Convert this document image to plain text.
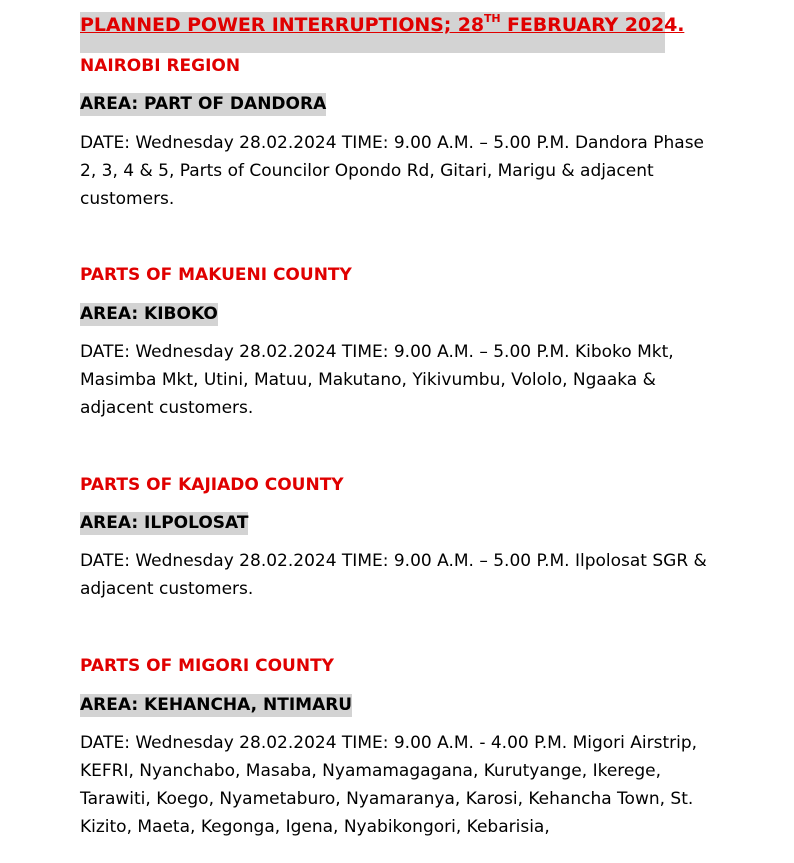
PLANNED POWER INTERRUPTIONS; 28TH FEBRUARY 2024.
NAIROBI REGION
AREA: PART OF DANDORA
DATE: Wednesday 28.02.2024 TIME: 9.00 A.M. – 5.00 P.M. Dandora Phase 2, 3, 4 & 5, Parts of Councilor Opondo Rd, Gitari, Marigu & adjacent customers.
PARTS OF MAKUENI COUNTY
AREA: KIBOKO
DATE: Wednesday 28.02.2024 TIME: 9.00 A.M. – 5.00 P.M. Kiboko Mkt, Masimba Mkt, Utini, Matuu, Makutano, Yikivumbu, Vololo, Ngaaka & adjacent customers.
PARTS OF KAJIADO COUNTY
AREA: ILPOLOSAT
DATE: Wednesday 28.02.2024 TIME: 9.00 A.M. – 5.00 P.M. Ilpolosat SGR & adjacent customers.
PARTS OF MIGORI COUNTY
AREA: KEHANCHA, NTIMARU
DATE: Wednesday 28.02.2024 TIME: 9.00 A.M. - 4.00 P.M. Migori Airstrip, KEFRI, Nyanchabo, Masaba, Nyamamagagana, Kurutyange, Ikerege, Tarawiti, Koego, Nyametaburo, Nyamaranya, Karosi, Kehancha Town, St. Kizito, Maeta, Kegonga, Igena, Nyabikongori, Kebarisia,
